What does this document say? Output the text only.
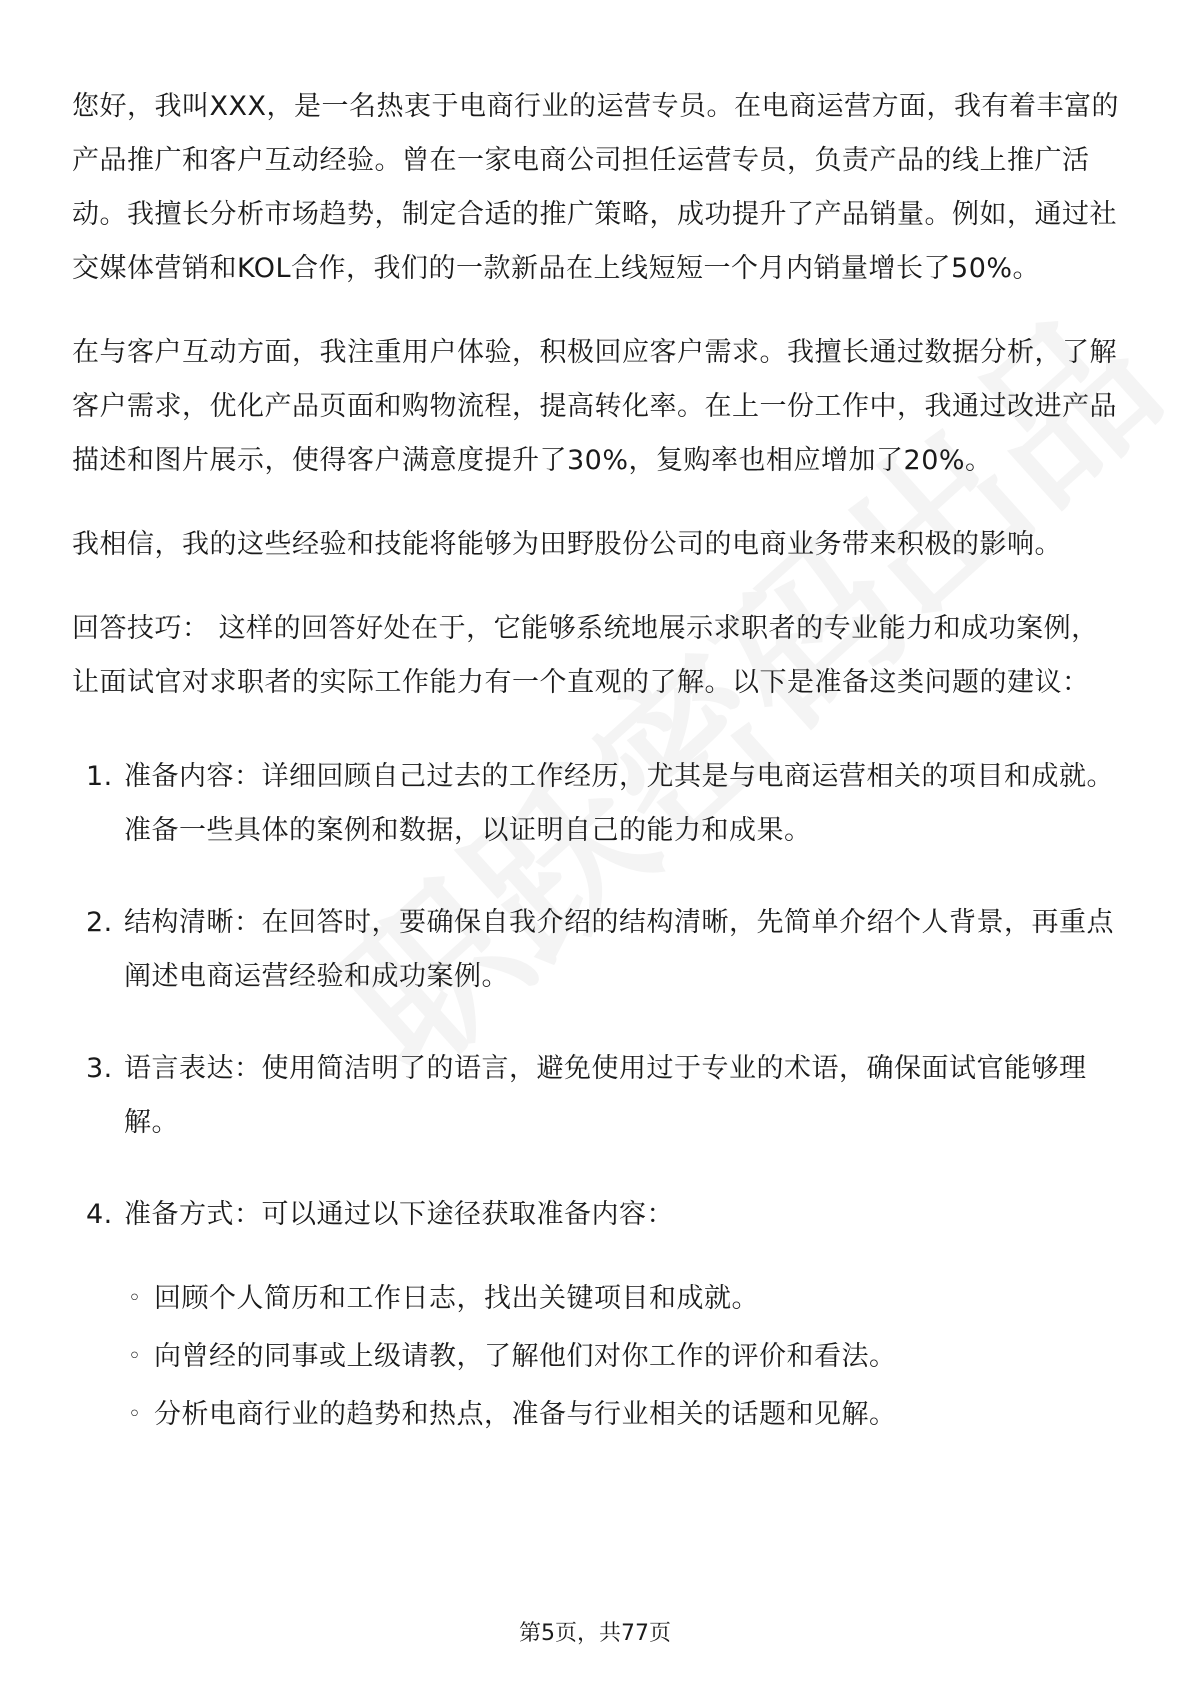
您好，我叫XXX，是一名热衷于电商行业的运营专员。在电商运营方面，我有着丰富的产品推广和客户互动经验。曾在一家电商公司担任运营专员，负责产品的线上推广活动。我擅长分析市场趋势，制定合适的推广策略，成功提升了产品销量。例如，通过社交媒体营销和KOL合作，我们的一款新品在上线短短一个月内销量增长了50%。

在与客户互动方面，我注重用户体验，积极回应客户需求。我擅长通过数据分析，了解客户需求，优化产品页面和购物流程，提高转化率。在上一份工作中，我通过改进产品描述和图片展示，使得客户满意度提升了30%，复购率也相应增加了20%。

我相信，我的这些经验和技能将能够为田野股份公司的电商业务带来积极的影响。

回答技巧： 这样的回答好处在于，它能够系统地展示求职者的专业能力和成功案例，让面试官对求职者的实际工作能力有一个直观的了解。以下是准备这类问题的建议：

1. 准备内容：详细回顾自己过去的工作经历，尤其是与电商运营相关的项目和成就。准备一些具体的案例和数据，以证明自己的能力和成果。
2. 结构清晰：在回答时，要确保自我介绍的结构清晰，先简单介绍个人背景，再重点阐述电商运营经验和成功案例。
3. 语言表达：使用简洁明了的语言，避免使用过于专业的术语，确保面试官能够理解。
4. 准备方式：可以通过以下途径获取准备内容：
◦ 回顾个人简历和工作日志，找出关键项目和成就。
◦ 向曾经的同事或上级请教，了解他们对你工作的评价和看法。
◦ 分析电商行业的趋势和热点，准备与行业相关的话题和见解。
第5页，共77页
